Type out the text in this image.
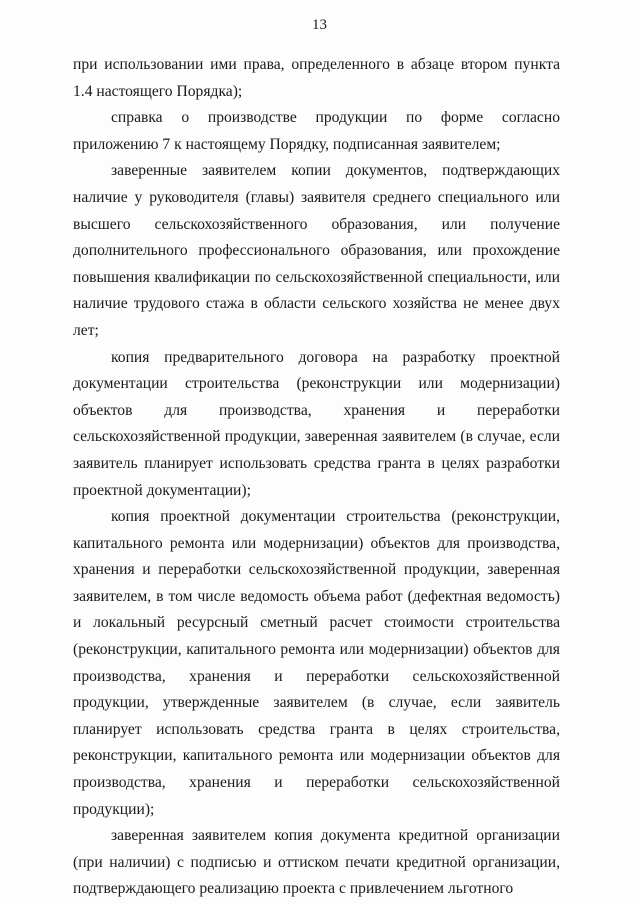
13

при использовании ими права, определенного в абзаце втором пункта 1.4 настоящего Порядка);

справка о производстве продукции по форме согласно приложению 7 к настоящему Порядку, подписанная заявителем;

заверенные заявителем копии документов, подтверждающих наличие у руководителя (главы) заявителя среднего специального или высшего сельскохозяйственного образования, или получение дополнительного профессионального образования, или прохождение повышения квалификации по сельскохозяйственной специальности, или наличие трудового стажа в области сельского хозяйства не менее двух лет;

копия предварительного договора на разработку проектной документации строительства (реконструкции или модернизации) объектов для производства, хранения и переработки сельскохозяйственной продукции, заверенная заявителем (в случае, если заявитель планирует использовать средства гранта в целях разработки проектной документации);

копия проектной документации строительства (реконструкции, капитального ремонта или модернизации) объектов для производства, хранения и переработки сельскохозяйственной продукции, заверенная заявителем, в том числе ведомость объема работ (дефектная ведомость) и локальный ресурсный сметный расчет стоимости строительства (реконструкции, капитального ремонта или модернизации) объектов для производства, хранения и переработки сельскохозяйственной продукции, утвержденные заявителем (в случае, если заявитель планирует использовать средства гранта в целях строительства, реконструкции, капитального ремонта или модернизации объектов для производства, хранения и переработки сельскохозяйственной продукции);

заверенная заявителем копия документа кредитной организации (при наличии) с подписью и оттиском печати кредитной организации, подтверждающего реализацию проекта с привлечением льготного
